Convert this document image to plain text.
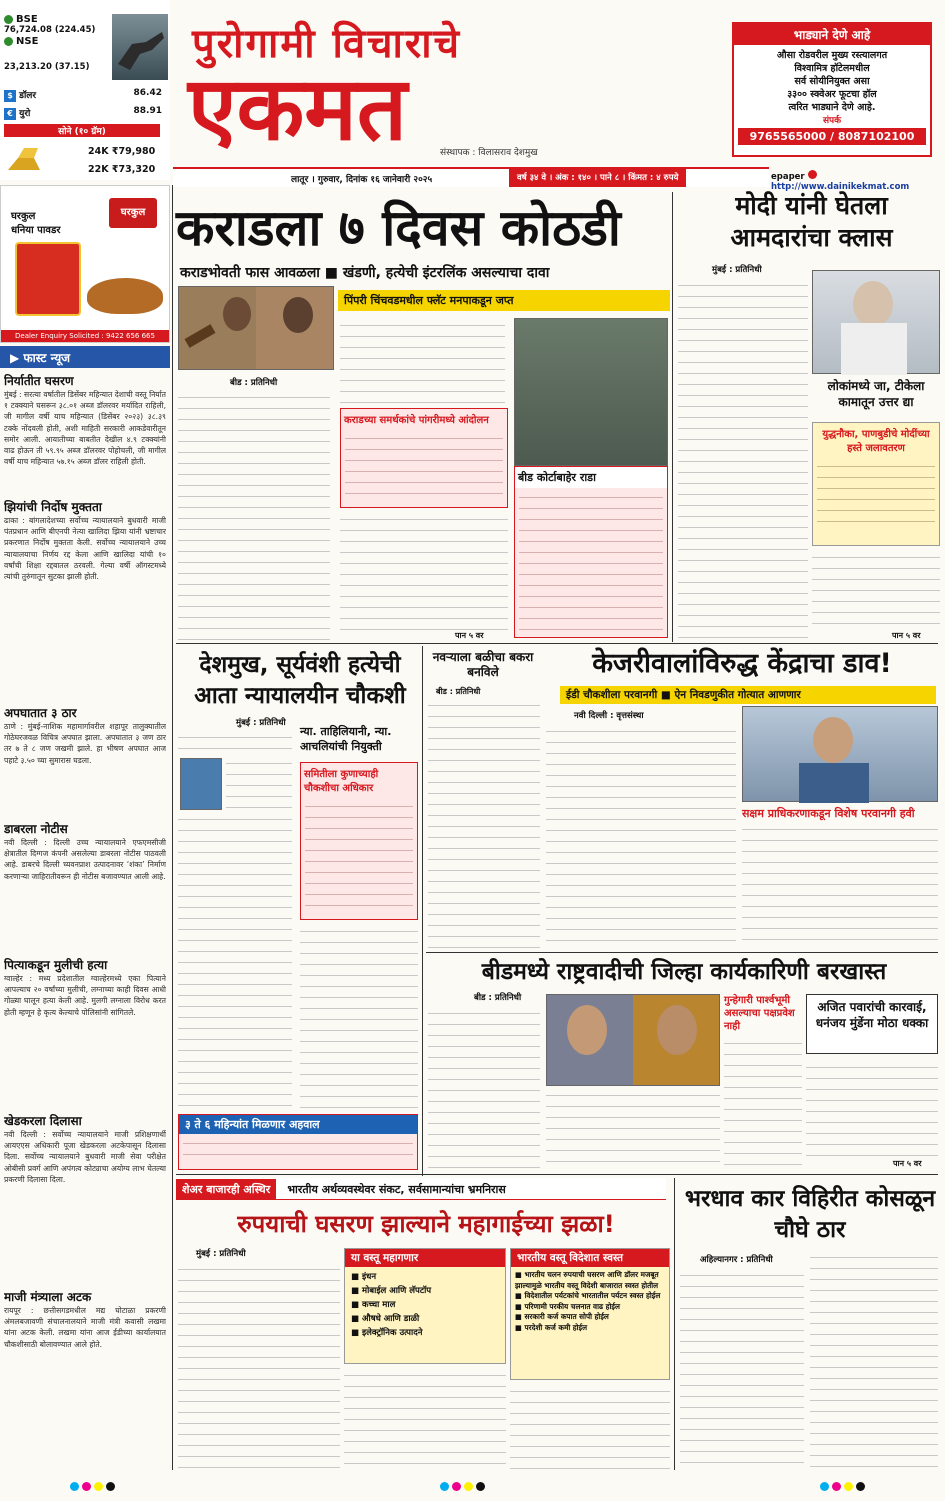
BSE
76,724.08 (224.45)
NSE
23,213.20 (37.15)
$ डॉलर	86.42
€ युरो	88.91
सोने (१० ग्रॅम)
24K ₹79,980
22K ₹73,320
पुरोगामी विचाराचे
एकमत	संस्थापक : विलासराव देशमुख
भाड्याने देणे आहे
औसा रोडवरील मुख्य रस्त्यालगत
विश्वामित्र हॉटेलमधील
सर्व सोयीनियुक्त असा
३३०० स्क्वेअर फूटचा हॉल
त्वरित भाड्याने देणे आहे.
संपर्क
9765565000 / 8087102100
लातूर । गुरुवार, दिनांक १६ जानेवारी २०२५	वर्ष ३४ वे । अंक : १४० । पाने ८ । किंमत : ४ रुपये	epaper  http://www.dainikekmat.com
घरकुल
धनिया पावडर
घरकुल
Dealer Enquiry Solicited : 9422 656 665
▶ फास्ट न्यूज
निर्यातीत घसरण
मुंबई : सरत्या वर्षातील डिसेंबर महिन्यात देशाची वस्तू निर्यात १ टक्क्याने घसरून ३८.०१ अब्ज डॉलरवर मर्यादित राहिली, जी मागील वर्षी याच महिन्यात (डिसेंबर २०२३) ३८.३९ टक्के नोंदवली होती, अशी माहिती सरकारी आकडेवारीतून समोर आली. आयातीच्या बाबतीत देखील ४.९ टक्क्यांनी वाढ होऊन ती ५९.९५ अब्ज डॉलरवर पोहोचली, जी मागील वर्षी याच महिन्यात ५७.१५ अब्ज डॉलर राहिली होती.
झियांची निर्दोष मुक्तता
ढाका : बांगलादेशच्या सर्वोच्च न्यायालयाने बुधवारी माजी पंतप्रधान आणि बीएनपी नेत्या खालिदा झिया यांनी भ्रष्टाचार प्रकरणात निर्दोष मुक्तता केली. सर्वोच्च न्यायालयाने उच्च न्यायालयाचा निर्णय रद्द केला आणि खालिदा यांची १० वर्षांची शिक्षा रद्दबातल ठरवली. गेल्या वर्षी ऑगस्टमध्ये त्यांची तुरुंगातून सुटका झाली होती.
अपघातात ३ ठार
ठाणे : मुंबई-नाशिक महामार्गावरील शहापूर तालुक्यातील गोठेघरजवळ विचित्र अपघात झाला. अपघातात ३ जण ठार तर ७ ते ८ जण जखमी झाले. हा भीषण अपघात आज पहाटे ३.५० च्या सुमारास घडला.
डाबरला नोटीस
नवी दिल्ली : दिल्ली उच्च न्यायालयाने एफएमसीजी क्षेत्रातील दिग्गज कंपनी असलेल्या डाबरला नोटीस पाठवली आहे. डाबरचे दिल्ली च्यवनप्राश उत्पादनावर ‘शंका’ निर्माण करणाऱ्या जाहिरातीवरून ही नोटीस बजावण्यात आली आहे.
पित्याकडून मुलीची हत्या
ग्वाल्हेर : मध्य प्रदेशातील ग्वाल्हेरमध्ये एका पित्याने आपल्याच २० वर्षांच्या मुलीची, लग्नाच्या काही दिवस आधी गोळ्या घालून हत्या केली आहे. मुलगी लग्नाला विरोध करत होती म्हणून हे कृत्य केल्याचे पोलिसांनी सांगितले.
खेडकरला दिलासा
नवी दिल्ली : सर्वोच्च न्यायालयाने माजी प्रशिक्षणार्थी आयएएस अधिकारी पूजा खेडकरला अटकेपासून दिलासा दिला. सर्वोच्च न्यायालयाने बुधवारी माजी सेवा परीक्षेत ओबीसी प्रवर्ग आणि अपंगत्व कोट्याचा अयोग्य लाभ घेतल्या प्रकरणी दिलासा दिला.
माजी मंत्र्याला अटक
रायपूर : छत्तीसगडमधील मद्य घोटाळा प्रकरणी अंमलबजावणी संचालनालयाने माजी मंत्री कवासी लखमा यांना अटक केली. लखमा यांना आज ईडीच्या कार्यालयात चौकशीसाठी बोलावण्यात आले होते.
कराडला ७ दिवस कोठडी
कराडभोवती फास आवळला ■ खंडणी, हत्येची इंटरलिंक असल्याचा दावा
पिंपरी चिंचवडमधील फ्लॅट मनपाकडून जप्त
बीड : प्रतिनिधी
कराडच्या समर्थकांचे पांगरीमध्ये आंदोलन
बीड कोर्टाबाहेर राडा
पान ५ वर
मोदी यांनी घेतला आमदारांचा क्लास
मुंबई : प्रतिनिधी
लोकांमध्ये जा, टीकेला कामातून उत्तर द्या
युद्धनौका, पाणबुडीचे मोदींच्या हस्ते जलावतरण
पान ५ वर
देशमुख, सूर्यवंशी हत्येची आता न्यायालयीन चौकशी
मुंबई : प्रतिनिधी
न्या. ताहिलियानी, न्या. आचलियांची नियुक्ती
समितीला कुणाच्याही चौकशीचा अधिकार
३ ते ६ महिन्यांत मिळणार अहवाल
नवऱ्याला बळीचा बकरा बनविले
बीड : प्रतिनिधी
केजरीवालांविरुद्ध केंद्राचा डाव!
ईडी चौकशीला परवानगी ■ ऐन निवडणुकीत गोत्यात आणणार
नवी दिल्ली : वृत्तसंस्था
सक्षम प्राधिकरणाकडून विशेष परवानगी हवी
बीडमध्ये राष्ट्रवादीची जिल्हा कार्यकारिणी बरखास्त
बीड : प्रतिनिधी	गुन्हेगारी पार्श्वभूमी असल्याचा पक्षप्रवेश नाही
अजित पवारांची कारवाई, धनंजय मुंडेंना मोठा धक्का
पान ५ वर
शेअर बाजारही अस्थिर भारतीय अर्थव्यवस्थेवर संकट, सर्वसामान्यांचा भ्रमनिरास
रुपयाची घसरण झाल्याने महागाईच्या झळा!
मुंबई : प्रतिनिधी	या वस्तू महागणार
■ इंधन
■ मोबाईल आणि लॅपटॉप
■ कच्चा माल
■ औषधे आणि डाळी
■ इलेक्ट्रॉनिक उत्पादने
भारतीय वस्तू विदेशात स्वस्त
■ भारतीय चलन रुपयाची घसरण आणि डॉलर मजबूत झाल्यामुळे भारतीय वस्तू विदेशी बाजारात स्वस्त होतील
■ विदेशातील पर्यटकांचे भारतातील पर्यटन स्वस्त होईल
■ परिणामी परकीय चलनात वाढ होईल
■ सरकारी कर्ज कपात सोपी होईल
■ परदेशी कर्ज कमी होईल
भरधाव कार विहिरीत कोसळून चौघे ठार
अहिल्यानगर : प्रतिनिधी
